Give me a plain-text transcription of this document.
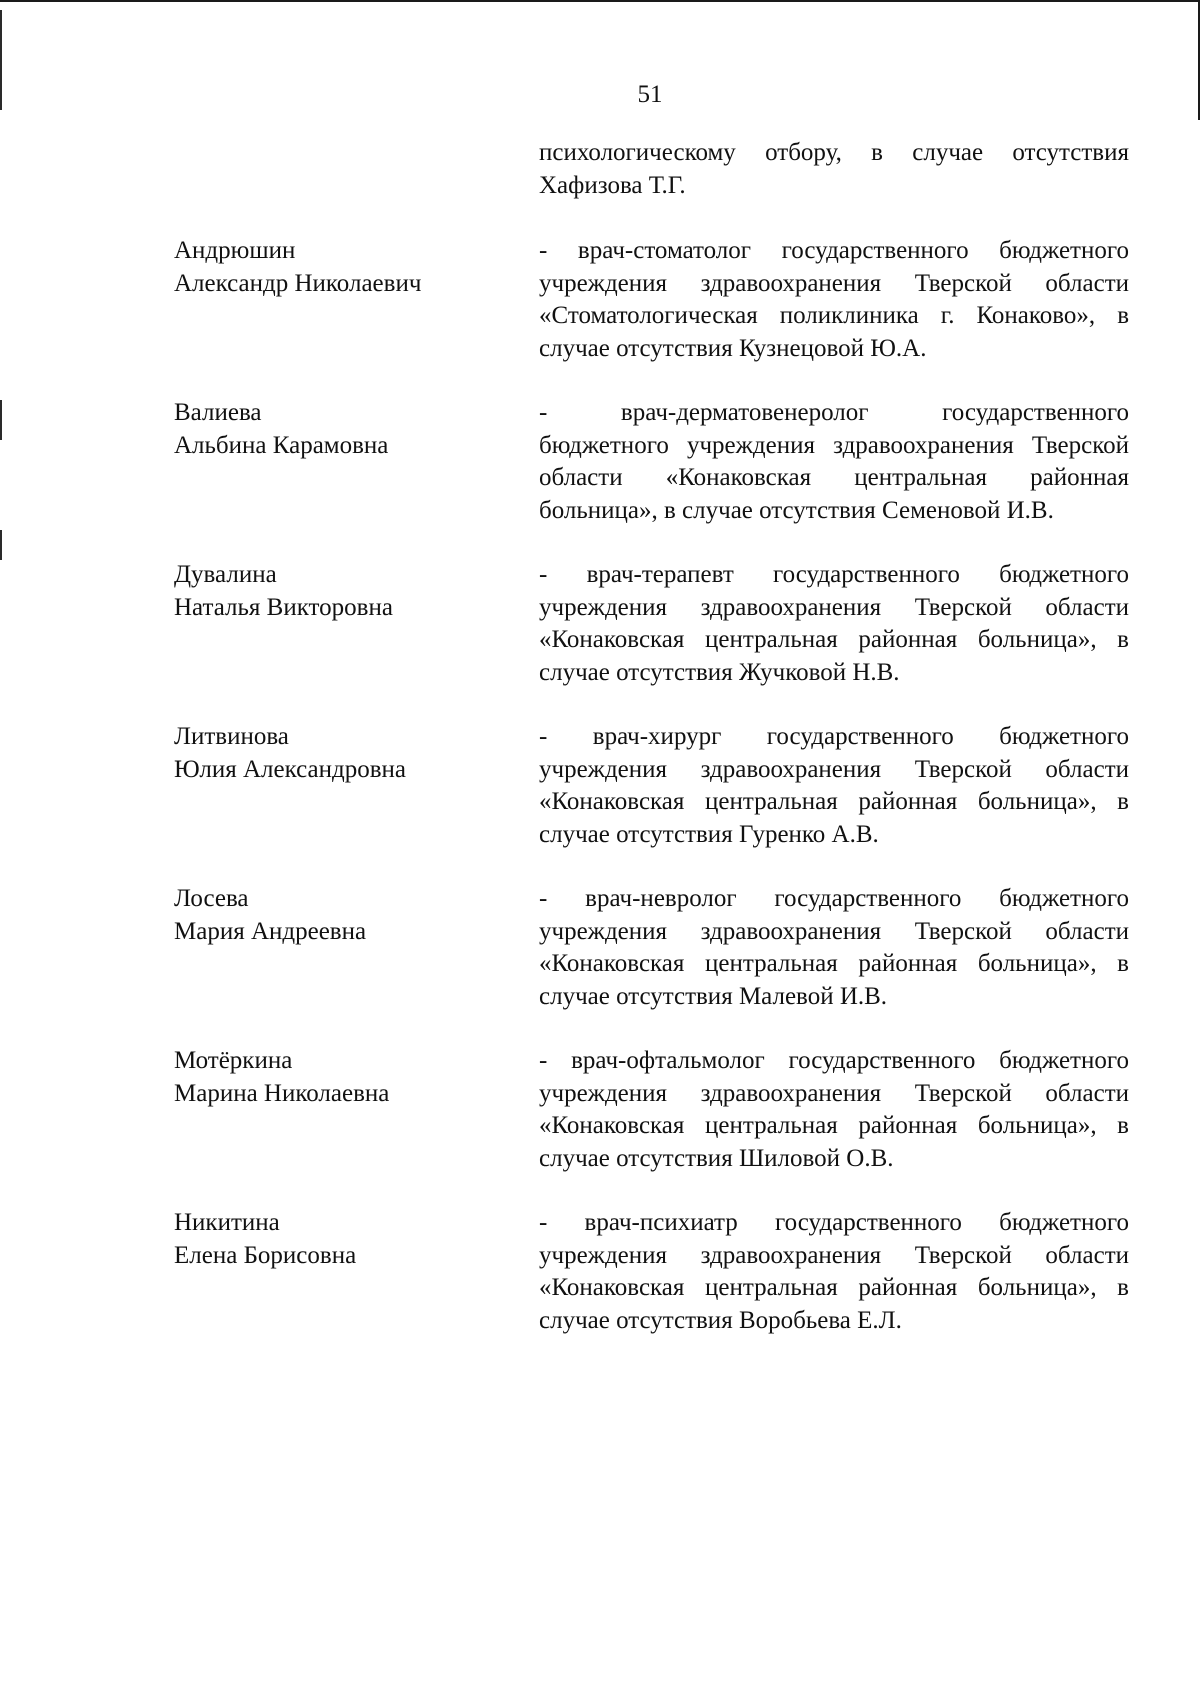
51
психологическому отбору, в случае отсутствия Хафизова Т.Г.
Андрюшин
Александр Николаевич
- врач-стоматолог государственного бюджетного учреждения здравоохранения Тверской области «Стоматологическая поликлиника г. Конаково», в случае отсутствия Кузнецовой Ю.А.
Валиева
Альбина Карамовна
- врач-дерматовенеролог государственного бюджетного учреждения здравоохранения Тверской области «Конаковская центральная районная больница», в случае отсутствия Семеновой И.В.
Дувалина
Наталья Викторовна
- врач-терапевт государственного бюджетного учреждения здравоохранения Тверской области «Конаковская центральная районная больница», в случае отсутствия Жучковой Н.В.
Литвинова
Юлия Александровна
- врач-хирург государственного бюджетного учреждения здравоохранения Тверской области «Конаковская центральная районная больница», в случае отсутствия Гуренко А.В.
Лосева
Мария Андреевна
- врач-невролог государственного бюджетного учреждения здравоохранения Тверской области «Конаковская центральная районная больница», в случае отсутствия Малевой И.В.
Мотёркина
Марина Николаевна
- врач-офтальмолог государственного бюджетного учреждения здравоохранения Тверской области «Конаковская центральная районная больница», в случае отсутствия Шиловой О.В.
Никитина
Елена Борисовна
- врач-психиатр государственного бюджетного учреждения здравоохранения Тверской области «Конаковская центральная районная больница», в случае отсутствия Воробьева Е.Л.
